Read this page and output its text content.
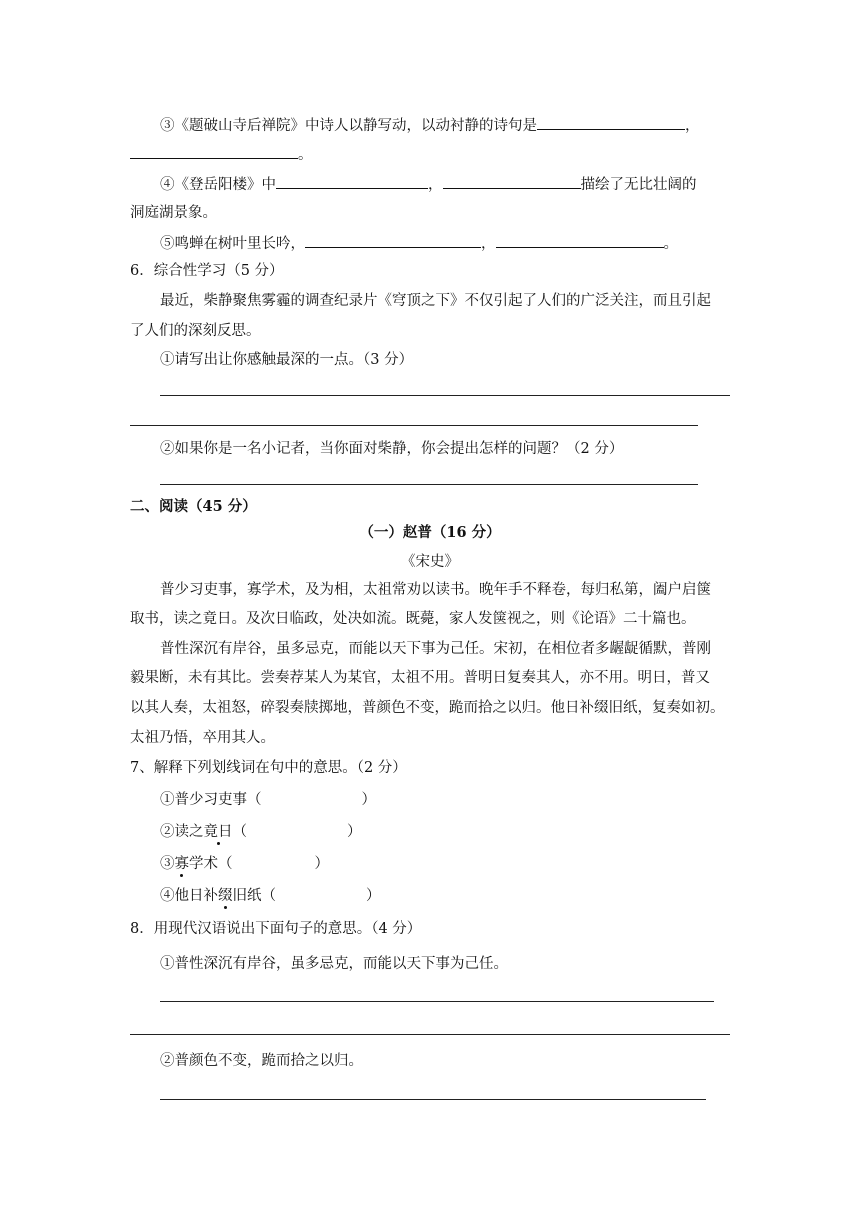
③《题破山寺后禅院》中诗人以静写动，以动衬静的诗句是	，
。
④《登岳阳楼》中	，	描绘了无比壮阔的
洞庭湖景象。
⑤鸣蝉在树叶里长吟，	，	。
6．综合性学习（5 分）
最近，柴静聚焦雾霾的调查纪录片《穹顶之下》不仅引起了人们的广泛关注，而且引起
了人们的深刻反思。
①请写出让你感触最深的一点。（3 分）
②如果你是一名小记者，当你面对柴静，你会提出怎样的问题？（2 分）
二、阅读（45 分）
（一）赵普（16 分）
《宋史》
普少习吏事，寡学术，及为相，太祖常劝以读书。晚年手不释卷，每归私第，阖户启箧
取书，读之竟日。及次日临政，处决如流。既薨，家人发箧视之，则《论语》二十篇也。
普性深沉有岸谷，虽多忌克，而能以天下事为己任。宋初，在相位者多龌龊循默，普刚
毅果断，未有其比。尝奏荐某人为某官，太祖不用。普明日复奏其人，亦不用。明日，普又
以其人奏，太祖怒，碎裂奏牍掷地，普颜色不变，跪而拾之以归。他日补缀旧纸，复奏如初。
太祖乃悟，卒用其人。
7、解释下列划线词在句中的意思。（2 分）
①普少习吏事（	）
②读之竟日（	）
③寡学术（	）
④他日补缀旧纸（	）
8．用现代汉语说出下面句子的意思。（4 分）
①普性深沉有岸谷，虽多忌克，而能以天下事为己任。
②普颜色不变，跪而拾之以归。
